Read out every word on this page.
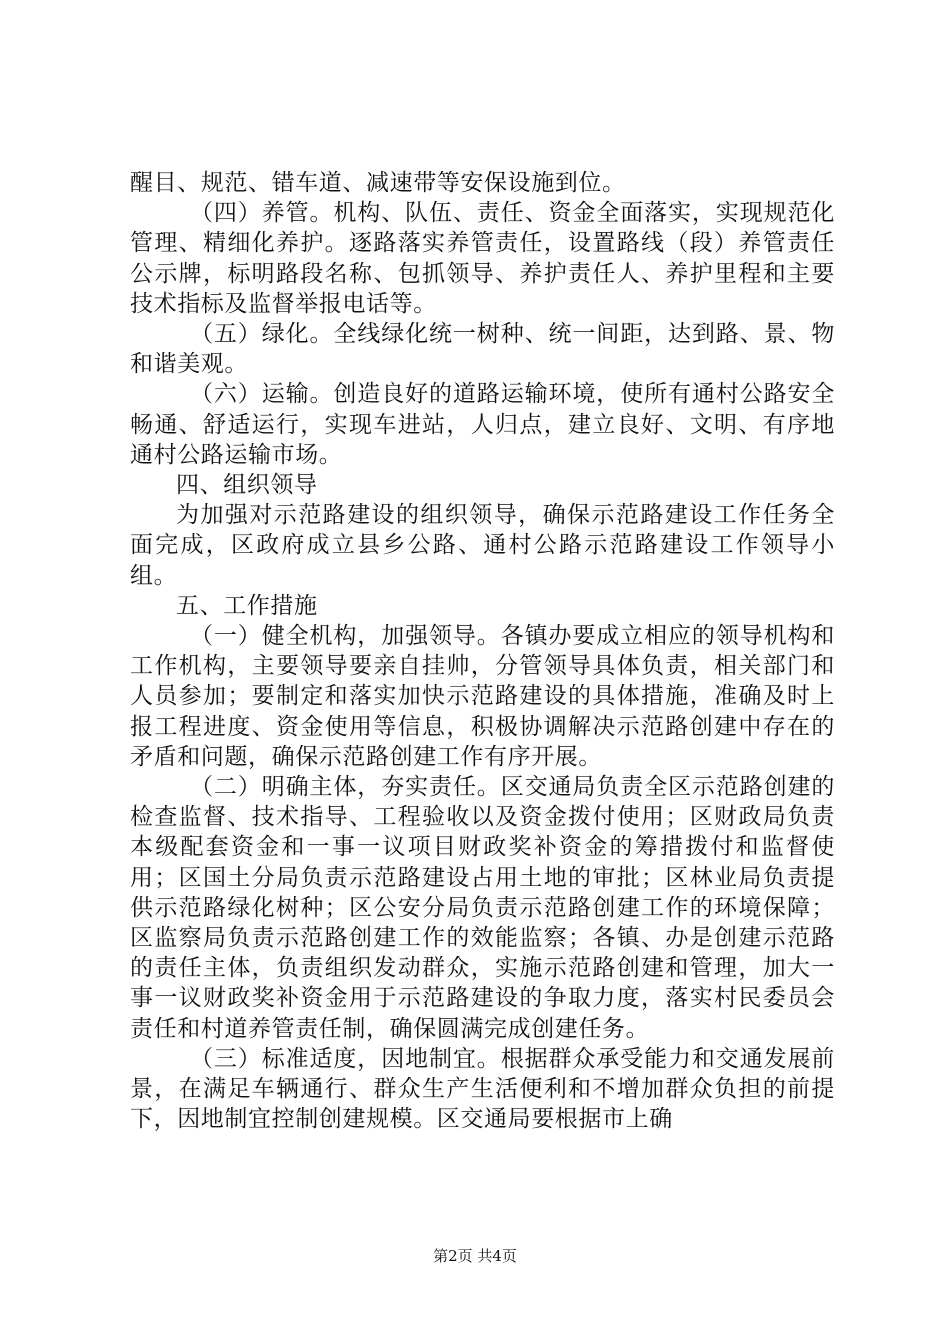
醒目、规范、错车道、减速带等安保设施到位。

（四）养管。机构、队伍、责任、资金全面落实，实现规范化管理、精细化养护。逐路落实养管责任，设置路线（段）养管责任公示牌，标明路段名称、包抓领导、养护责任人、养护里程和主要技术指标及监督举报电话等。

（五）绿化。全线绿化统一树种、统一间距，达到路、景、物和谐美观。

（六）运输。创造良好的道路运输环境，使所有通村公路安全畅通、舒适运行，实现车进站，人归点，建立良好、文明、有序地通村公路运输市场。

四、组织领导

为加强对示范路建设的组织领导，确保示范路建设工作任务全面完成，区政府成立县乡公路、通村公路示范路建设工作领导小组。

五、工作措施

（一）健全机构，加强领导。各镇办要成立相应的领导机构和工作机构，主要领导要亲自挂帅，分管领导具体负责，相关部门和人员参加；要制定和落实加快示范路建设的具体措施，准确及时上报工程进度、资金使用等信息，积极协调解决示范路创建中存在的矛盾和问题，确保示范路创建工作有序开展。

（二）明确主体，夯实责任。区交通局负责全区示范路创建的检查监督、技术指导、工程验收以及资金拨付使用；区财政局负责本级配套资金和一事一议项目财政奖补资金的筹措拨付和监督使用；区国土分局负责示范路建设占用土地的审批；区林业局负责提供示范路绿化树种；区公安分局负责示范路创建工作的环境保障；区监察局负责示范路创建工作的效能监察；各镇、办是创建示范路的责任主体，负责组织发动群众，实施示范路创建和管理，加大一事一议财政奖补资金用于示范路建设的争取力度，落实村民委员会责任和村道养管责任制，确保圆满完成创建任务。

（三）标准适度，因地制宜。根据群众承受能力和交通发展前景，在满足车辆通行、群众生产生活便利和不增加群众负担的前提下，因地制宜控制创建规模。区交通局要根据市上确

第2页 共4页
